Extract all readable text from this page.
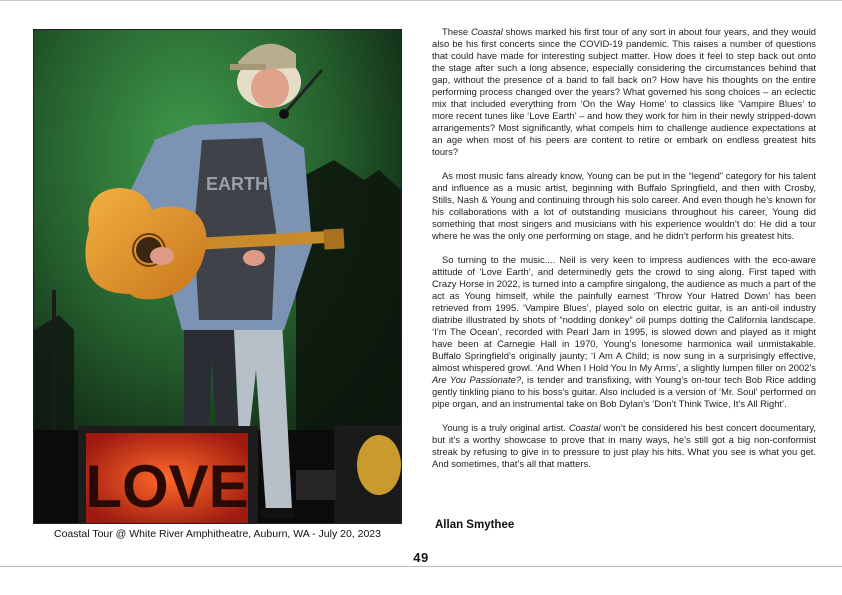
EARTH
LOVE
Coastal Tour @ White River Amphitheatre, Auburn, WA - July 20, 2023

These Coastal shows marked his first tour of any sort in about four years, and they would also be his first concerts since the COVID-19 pandemic. This raises a number of questions that could have made for interesting subject matter. How does it feel to step back out onto the stage after such a long absence, especially considering the circumstances behind that gap, without the presence of a band to fall back on? How have his thoughts on the entire performing process changed over the years? What governed his song choices – an eclectic mix that included everything from ‘On the Way Home’ to classics like ‘Vampire Blues’ to more recent tunes like ‘Love Earth’ – and how they work for him in their newly stripped-down arrangements? Most significantly, what compels him to challenge audience expectations at an age when most of his peers are content to retire or embark on endless greatest hits tours?

As most music fans already know, Young can be put in the “legend” category for his talent and influence as a music artist, beginning with Buffalo Springfield, and then with Crosby, Stills, Nash & Young and continuing through his solo career. And even though he’s known for his collaborations with a lot of outstanding musicians throughout his career, Young did something that most singers and musicians with his experience wouldn’t do: He did a tour where he was the only one performing on stage, and he didn’t perform his greatest hits.

So turning to the music.... Neil is very keen to impress audiences with the eco-aware attitude of ‘Love Earth’, and determinedly gets the crowd to sing along. First taped with Crazy Horse in 2022, is turned into a campfire singalong, the audience as much a part of the act as Young himself, while the painfully earnest ‘Throw Your Hatred Down’ has been retrieved from 1995. ‘Vampire Blues’, played solo on electric guitar, is an anti-oil industry diatribe illustrated by shots of “nodding donkey” oil pumps dotting the California landscape. ‘I’m The Ocean’, recorded with Pearl Jam in 1995, is slowed down and played as it might have been at Carnegie Hall in 1970, Young’s lonesome harmonica wail unmistakable. Buffalo Springfield’s originally jaunty; ‘I Am A Child; is now sung in a surprisingly effective, almost whispered growl. ‘And When I Hold You In My Arms’, a slightly lumpen filler on 2002’s Are You Passionate?, is tender and transfixing, with Young’s on-tour tech Bob Rice adding gently tinkling piano to his boss’s guitar. Also included is a version of ‘Mr. Soul’ performed on pipe organ, and an instrumental take on Bob Dylan’s ‘Don’t Think Twice, It’s All Right’.

Young is a truly original artist. Coastal won’t be considered his best concert documentary, but it’s a worthy showcase to prove that in many ways, he’s still got a big non-conformist streak by refusing to give in to pressure to just play his hits. What you see is what you get. And sometimes, that’s all that matters.

Allan Smythee
49
